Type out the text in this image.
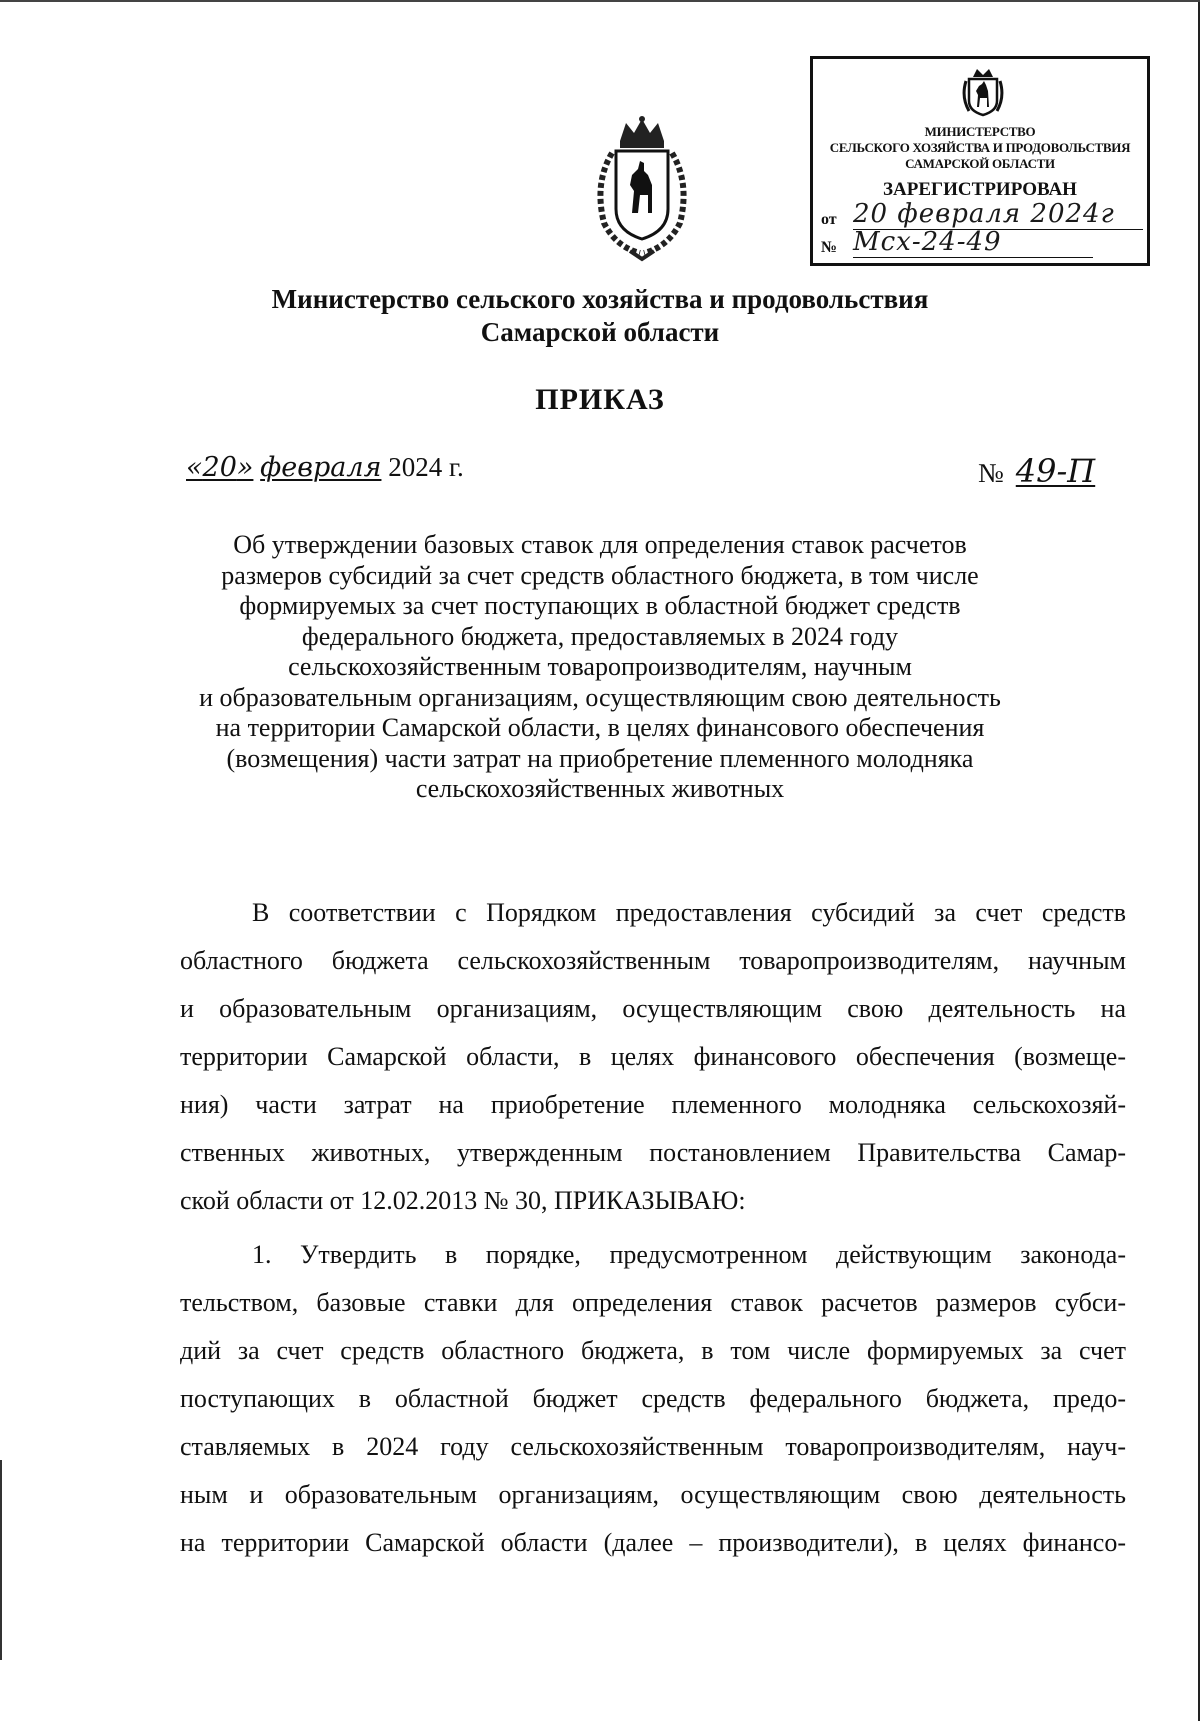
МИНИСТЕРСТВО
СЕЛЬСКОГО ХОЗЯЙСТВА И ПРОДОВОЛЬСТВИЯ
САМАРСКОЙ ОБЛАСТИ
ЗАРЕГИСТРИРОВАН
от 20 февраля 2024г
№ Мсх-24-49
Министерство сельского хозяйства и продовольствия
Самарской области
ПРИКАЗ
«20» февраля 2024 г.	№ 49-П
Об утверждении базовых ставок для определения ставок расчетов
размеров субсидий за счет средств областного бюджета, в том числе
формируемых за счет поступающих в областной бюджет средств
федерального бюджета, предоставляемых в 2024 году
сельскохозяйственным товаропроизводителям, научным
и образовательным организациям, осуществляющим свою деятельность
на территории Самарской области, в целях финансового обеспечения
(возмещения) части затрат на приобретение племенного молодняка
сельскохозяйственных животных
В соответствии с Порядком предоставления субсидий за счет средств
областного бюджета сельскохозяйственным товаропроизводителям, научным
и образовательным организациям, осуществляющим свою деятельность на
территории Самарской области, в целях финансового обеспечения (возмеще-
ния) части затрат на приобретение племенного молодняка сельскохозяй-
ственных животных, утвержденным постановлением Правительства Самар-
ской области от 12.02.2013 № 30, ПРИКАЗЫВАЮ:
1. Утвердить в порядке, предусмотренном действующим законода-
тельством, базовые ставки для определения ставок расчетов размеров субси-
дий за счет средств областного бюджета, в том числе формируемых за счет
поступающих в областной бюджет средств федерального бюджета, предо-
ставляемых в 2024 году сельскохозяйственным товаропроизводителям, науч-
ным и образовательным организациям, осуществляющим свою деятельность
на территории Самарской области (далее – производители), в целях финансо-
